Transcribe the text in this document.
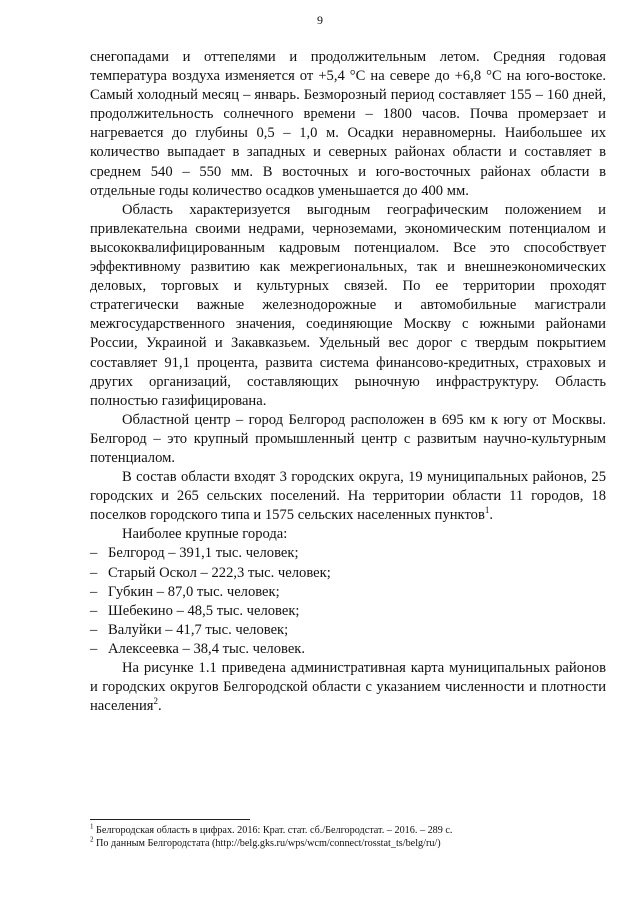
9

снегопадами и оттепелями и продолжительным летом. Средняя годовая температура воздуха изменяется от +5,4 °С на севере до +6,8 °С на юго-востоке. Самый холодный месяц – январь. Безморозный период составляет 155 – 160 дней, продолжительность солнечного времени – 1800 часов. Почва промерзает и нагревается до глубины 0,5 – 1,0 м. Осадки неравномерны. Наибольшее их количество выпадает в западных и северных районах области и составляет в среднем 540 – 550 мм. В восточных и юго-восточных районах области в отдельные годы количество осадков уменьшается до 400 мм.

Область характеризуется выгодным географическим положением и привлекательна своими недрами, черноземами, экономическим потенциалом и высококвалифицированным кадровым потенциалом. Все это способствует эффективному развитию как межрегиональных, так и внешнеэкономических деловых, торговых и культурных связей. По ее территории проходят стратегически важные железнодорожные и автомобильные магистрали межгосударственного значения, соединяющие Москву с южными районами России, Украиной и Закавказьем. Удельный вес дорог с твердым покрытием составляет 91,1 процента, развита система финансово-кредитных, страховых и других организаций, составляющих рыночную инфраструктуру. Область полностью газифицирована.

Областной центр – город Белгород расположен в 695 км к югу от Москвы. Белгород – это крупный промышленный центр с развитым научно-культурным потенциалом.

В состав области входят 3 городских округа, 19 муниципальных районов, 25 городских и 265 сельских поселений. На территории области 11 городов, 18 поселков городского типа и 1575 сельских населенных пунктов$^1$.

Наиболее крупные города:

– Белгород – 391,1 тыс. человек;
– Старый Оскол – 222,3 тыс. человек;
– Губкин – 87,0 тыс. человек;
– Шебекино – 48,5 тыс. человек;
– Валуйки – 41,7 тыс. человек;
– Алексеевка – 38,4 тыс. человек.

На рисунке 1.1 приведена административная карта муниципальных районов и городских округов Белгородской области с указанием численности и плотности населения$^2$.

$^1$ Белгородская область в цифрах. 2016: Крат. стат. сб./Белгородстат. – 2016. – 289 с.

$^2$ По данным Белгородстата (http://belg.gks.ru/wps/wcm/connect/rosstat_ts/belg/ru/)
